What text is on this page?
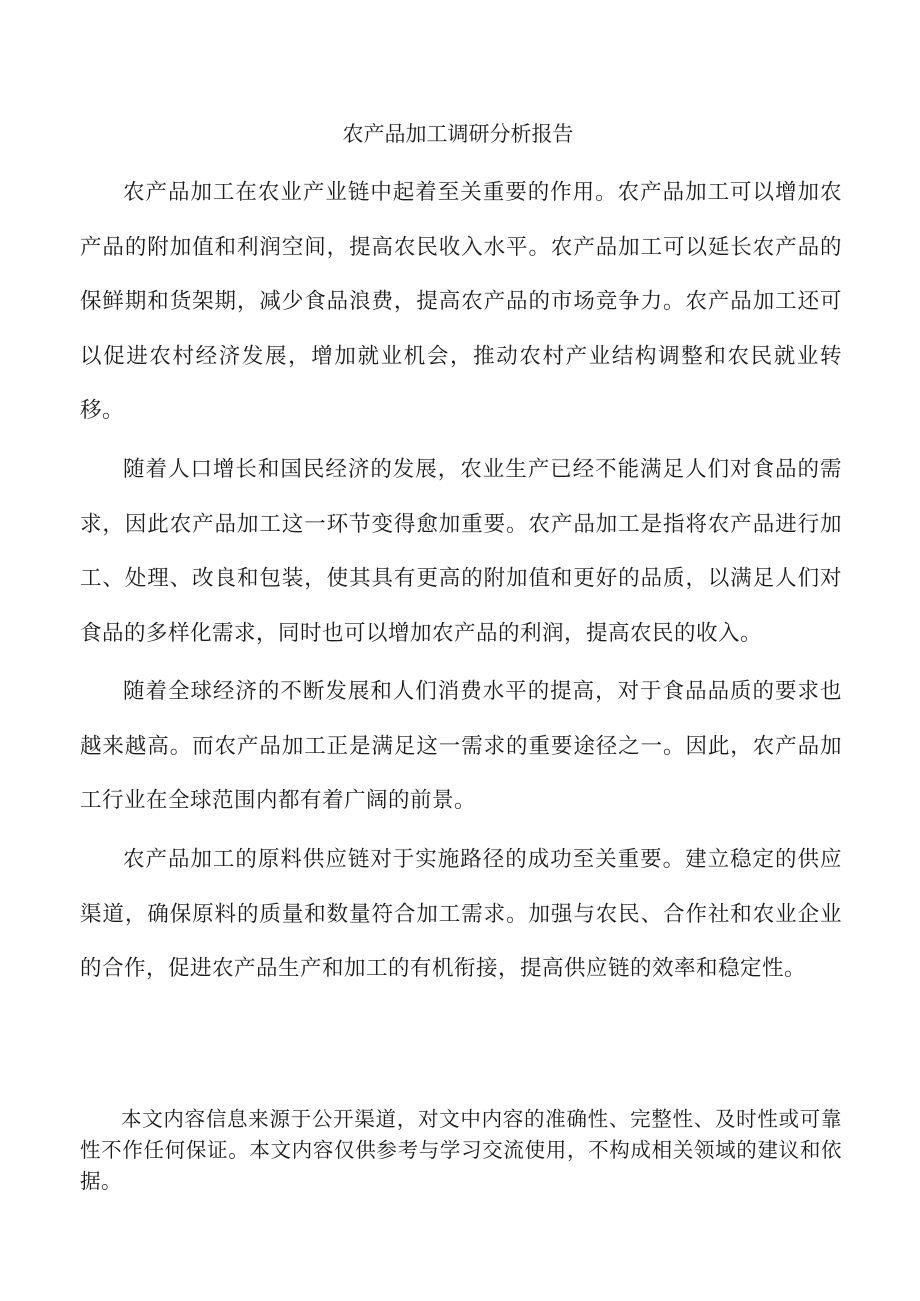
农产品加工调研分析报告

农产品加工在农业产业链中起着至关重要的作用。农产品加工可以增加农产品的附加值和利润空间，提高农民收入水平。农产品加工可以延长农产品的保鲜期和货架期，减少食品浪费，提高农产品的市场竞争力。农产品加工还可以促进农村经济发展，增加就业机会，推动农村产业结构调整和农民就业转移。

随着人口增长和国民经济的发展，农业生产已经不能满足人们对食品的需求，因此农产品加工这一环节变得愈加重要。农产品加工是指将农产品进行加工、处理、改良和包装，使其具有更高的附加值和更好的品质，以满足人们对食品的多样化需求，同时也可以增加农产品的利润，提高农民的收入。

随着全球经济的不断发展和人们消费水平的提高，对于食品品质的要求也越来越高。而农产品加工正是满足这一需求的重要途径之一。因此，农产品加工行业在全球范围内都有着广阔的前景。

农产品加工的原料供应链对于实施路径的成功至关重要。建立稳定的供应渠道，确保原料的质量和数量符合加工需求。加强与农民、合作社和农业企业的合作，促进农产品生产和加工的有机衔接，提高供应链的效率和稳定性。

本文内容信息来源于公开渠道，对文中内容的准确性、完整性、及时性或可靠性不作任何保证。本文内容仅供参考与学习交流使用，不构成相关领域的建议和依据。
